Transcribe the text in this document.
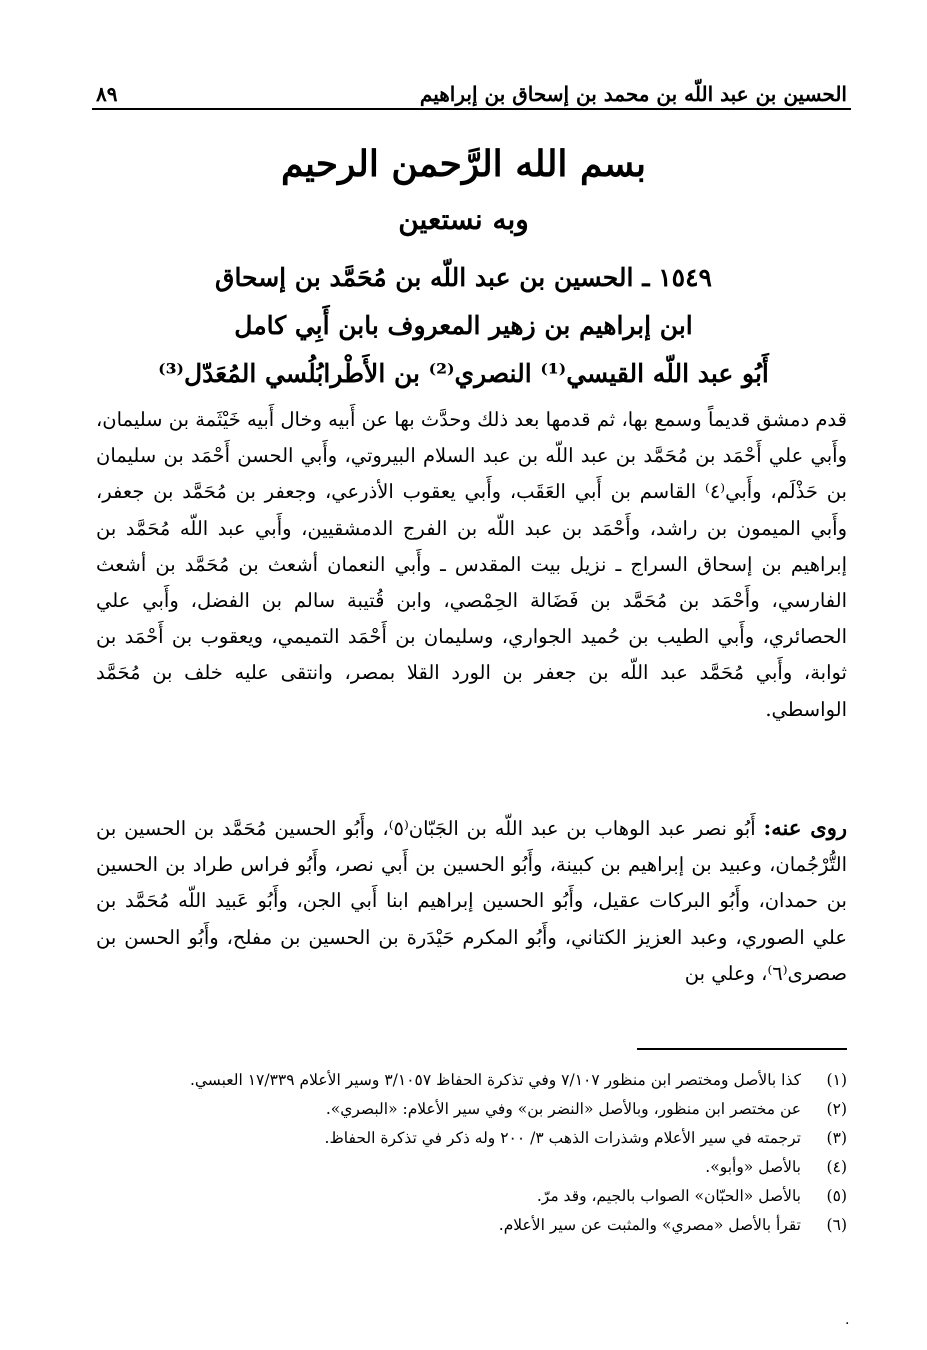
الحسين بن عبد اللّه بن محمد بن إسحاق بن إبراهيم
٨٩
بسم الله الرَّحمن الرحيم
وبه نستعين
١٥٤٩ ـ الحسين بن عبد اللّه بن مُحَمَّد بن إسحاق
ابن إبراهيم بن زهير المعروف بابن أَبِي كامل
أَبُو عبد اللّه القيسي⁽¹⁾ النصري⁽²⁾ بن الأَطْرابُلُسي المُعَدّل⁽³⁾
قدم دمشق قديماً وسمع بها، ثم قدمها بعد ذلك وحدَّث بها عن أَبيه وخال أَبيه خَيْثَمة بن سليمان، وأَبي علي أَحْمَد بن مُحَمَّد بن عبد اللّه بن عبد السلام البيروتي، وأَبي الحسن أَحْمَد بن سليمان بن حَذْلَم، وأَبي⁽٤⁾ القاسم بن أَبي العَقَب، وأَبي يعقوب الأذرعي، وجعفر بن مُحَمَّد بن جعفر، وأَبي الميمون بن راشد، وأَحْمَد بن عبد اللّه بن الفرج الدمشقيين، وأَبي عبد اللّه مُحَمَّد بن إبراهيم بن إسحاق السراج ـ نزيل بيت المقدس ـ وأَبي النعمان أشعث بن مُحَمَّد بن أشعث الفارسي، وأَحْمَد بن مُحَمَّد بن فَضَالة الحِمْصي، وابن قُتيبة سالم بن الفضل، وأَبي علي الحصائري، وأَبي الطيب بن حُميد الجواري، وسليمان بن أَحْمَد التميمي، ويعقوب بن أَحْمَد بن ثوابة، وأَبي مُحَمَّد عبد اللّه بن جعفر بن الورد القلا بمصر، وانتقى عليه خلف بن مُحَمَّد الواسطي.
روى عنه: أَبُو نصر عبد الوهاب بن عبد اللّه بن الجَبّان⁽٥⁾، وأَبُو الحسين مُحَمَّد بن الحسين بن التُّرْجُمان، وعبيد بن إبراهيم بن كبينة، وأَبُو الحسين بن أَبي نصر، وأَبُو فراس طراد بن الحسين بن حمدان، وأَبُو البركات عقيل، وأَبُو الحسين إبراهيم ابنا أَبي الجن، وأَبُو عَبيد اللّه مُحَمَّد بن علي الصوري، وعبد العزيز الكتاني، وأَبُو المكرم حَيْدَرة بن الحسين بن مفلح، وأَبُو الحسن بن صصرى⁽٦⁾، وعلي بن
(١)
كذا بالأصل ومختصر ابن منظور ٧/١٠٧ وفي تذكرة الحفاظ ٣/١٠٥٧ وسير الأعلام ١٧/٣٣٩ العبسي.
(٢)
عن مختصر ابن منظور، وبالأصل «النضر بن» وفي سير الأعلام: «البصري».
(٣)
ترجمته في سير الأعلام وشذرات الذهب ٣/ ٢٠٠ وله ذكر في تذكرة الحفاظ.
(٤)
بالأصل «وأبو».
(٥)
بالأصل «الحبّان» الصواب بالجيم، وقد مرّ.
(٦)
تقرأ بالأصل «مصري» والمثبت عن سير الأعلام.
·
